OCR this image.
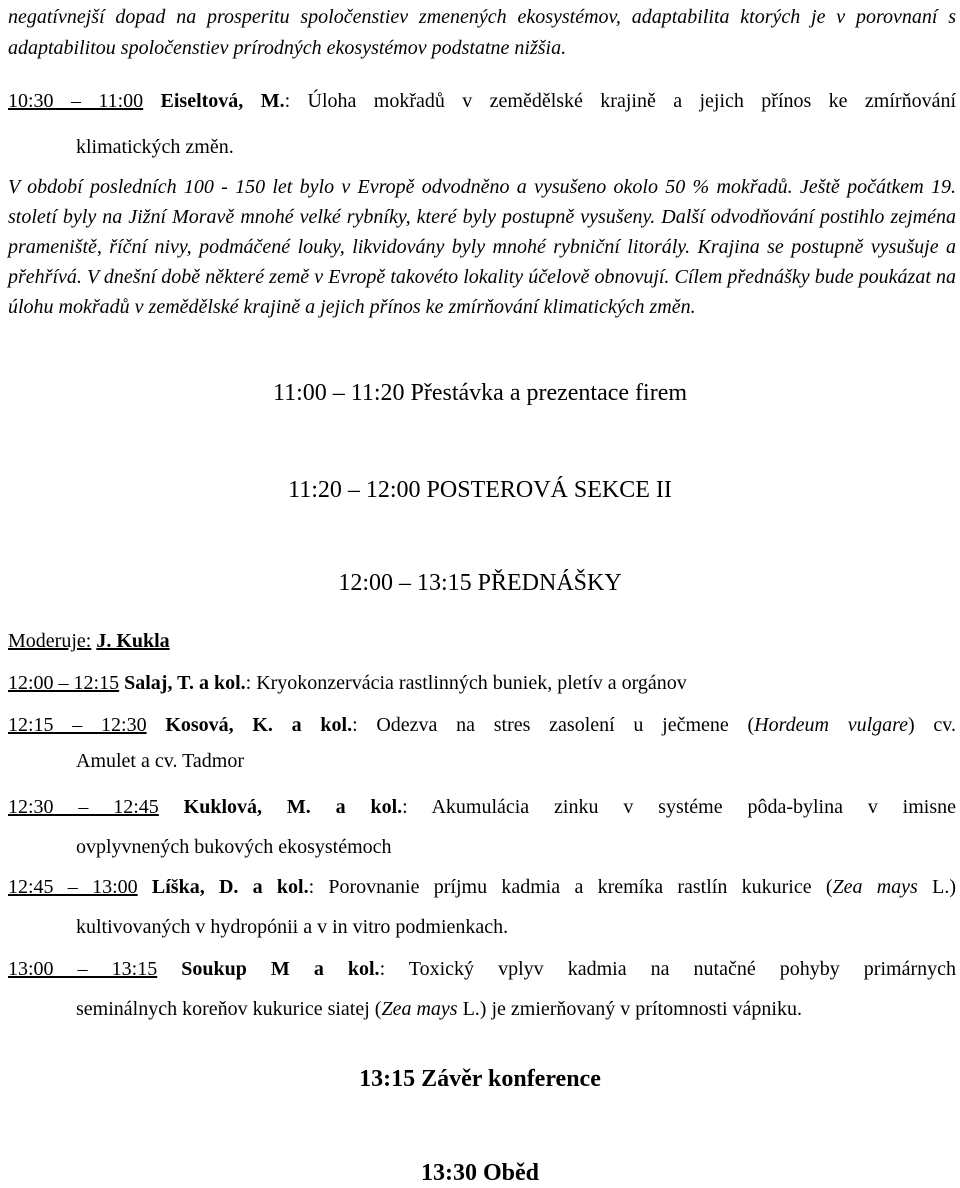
negatívnejší dopad na prosperitu spoločenstiev zmenených ekosystémov, adaptabilita ktorých je v porovnaní s adaptabilitou spoločenstiev prírodných ekosystémov podstatne nižšia.

10:30 – 11:00 Eiseltová, M.: Úloha mokřadů v zemědělské krajině a jejich přínos ke zmírňování

klimatických změn.

V období posledních 100 - 150 let bylo v Evropě odvodněno a vysušeno okolo 50 % mokřadů. Ještě počátkem 19. století byly na Jižní Moravě mnohé velké rybníky, které byly postupně vysušeny. Další odvodňování postihlo zejména prameniště, říční nivy, podmáčené louky, likvidovány byly mnohé rybniční litorály. Krajina se postupně vysušuje a přehřívá. V dnešní době některé země v Evropě takovéto lokality účelově obnovují. Cílem přednášky bude poukázat na úlohu mokřadů v zemědělské krajině a jejich přínos ke zmírňování klimatických změn.

11:00 – 11:20 Přestávka a prezentace firem

11:20 – 12:00 POSTEROVÁ SEKCE II

12:00 – 13:15 PŘEDNÁŠKY

Moderuje: J. Kukla

12:00 – 12:15 Salaj, T. a kol.: Kryokonzervácia rastlinných buniek, pletív a orgánov

12:15 – 12:30 Kosová, K. a kol.: Odezva na stres zasolení u ječmene (Hordeum vulgare) cv.

Amulet a cv. Tadmor

12:30 – 12:45 Kuklová, M. a kol.: Akumulácia zinku v systéme pôda-bylina v imisne

ovplyvnených bukových ekosystémoch

12:45 – 13:00 Líška, D. a kol.: Porovnanie príjmu kadmia a kremíka rastlín kukurice (Zea mays L.)

kultivovaných v hydropónii a v in vitro podmienkach.

13:00 – 13:15 Soukup M a kol.: Toxický vplyv kadmia na nutačné pohyby primárnych

seminálnych koreňov kukurice siatej (Zea mays L.) je zmierňovaný v prítomnosti vápniku.

13:15 Závěr konference

13:30 Oběd
